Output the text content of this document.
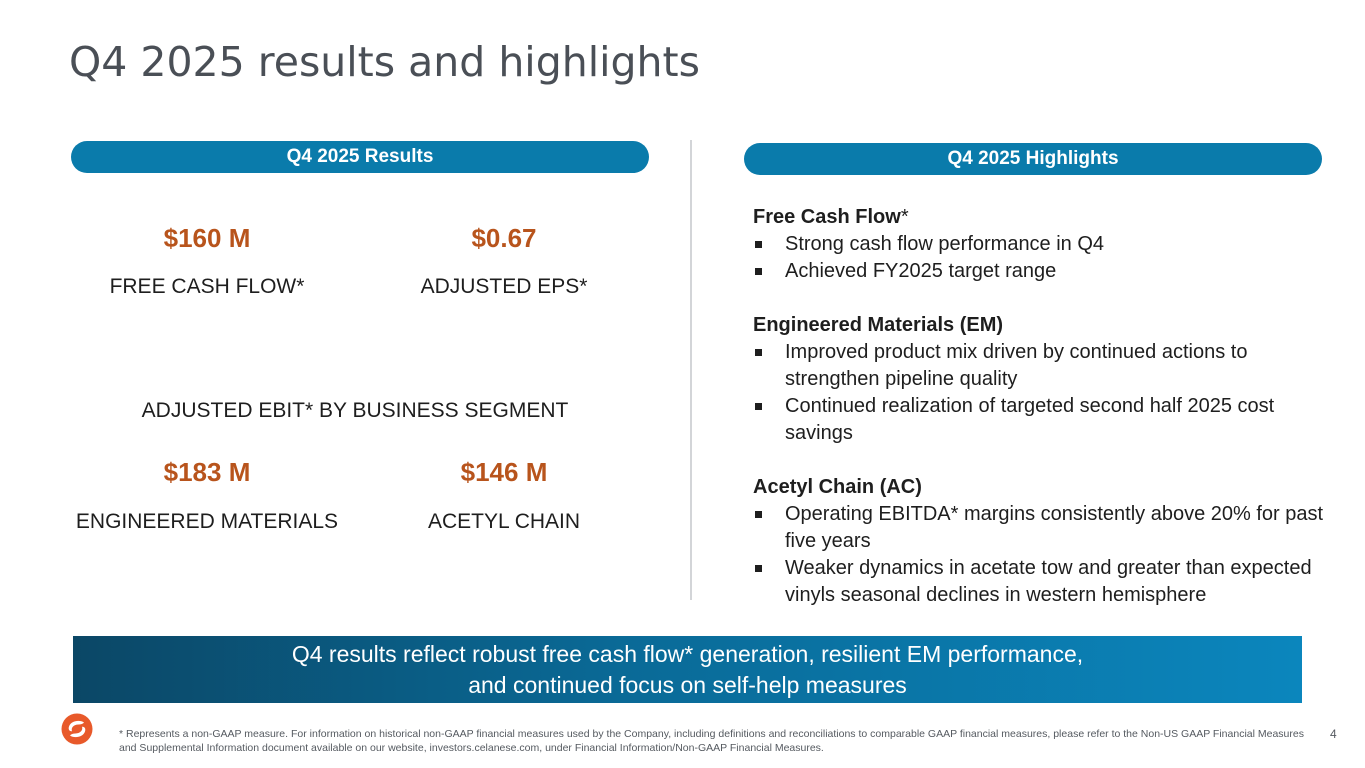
Q4 2025 results and highlights
Q4 2025 Results
$160 M
FREE CASH FLOW*
$0.67
ADJUSTED EPS*
ADJUSTED EBIT* BY BUSINESS SEGMENT
$183 M
ENGINEERED MATERIALS
$146 M
ACETYL CHAIN
Q4 2025 Highlights
Free Cash Flow*
Strong cash flow performance in Q4
Achieved FY2025 target range
Engineered Materials (EM)
Improved product mix driven by continued actions to strengthen pipeline quality
Continued realization of targeted second half 2025 cost savings
Acetyl Chain (AC)
Operating EBITDA* margins consistently above 20% for past five years
Weaker dynamics in acetate tow and greater than expected vinyls seasonal declines in western hemisphere
Q4 results reflect robust free cash flow* generation, resilient EM performance,
and continued focus on self-help measures
* Represents a non-GAAP measure. For information on historical non-GAAP financial measures used by the Company, including definitions and reconciliations to comparable GAAP financial measures, please refer to the Non-US GAAP Financial Measures and Supplemental Information document available on our website, investors.celanese.com, under Financial Information/Non-GAAP Financial Measures.
4
